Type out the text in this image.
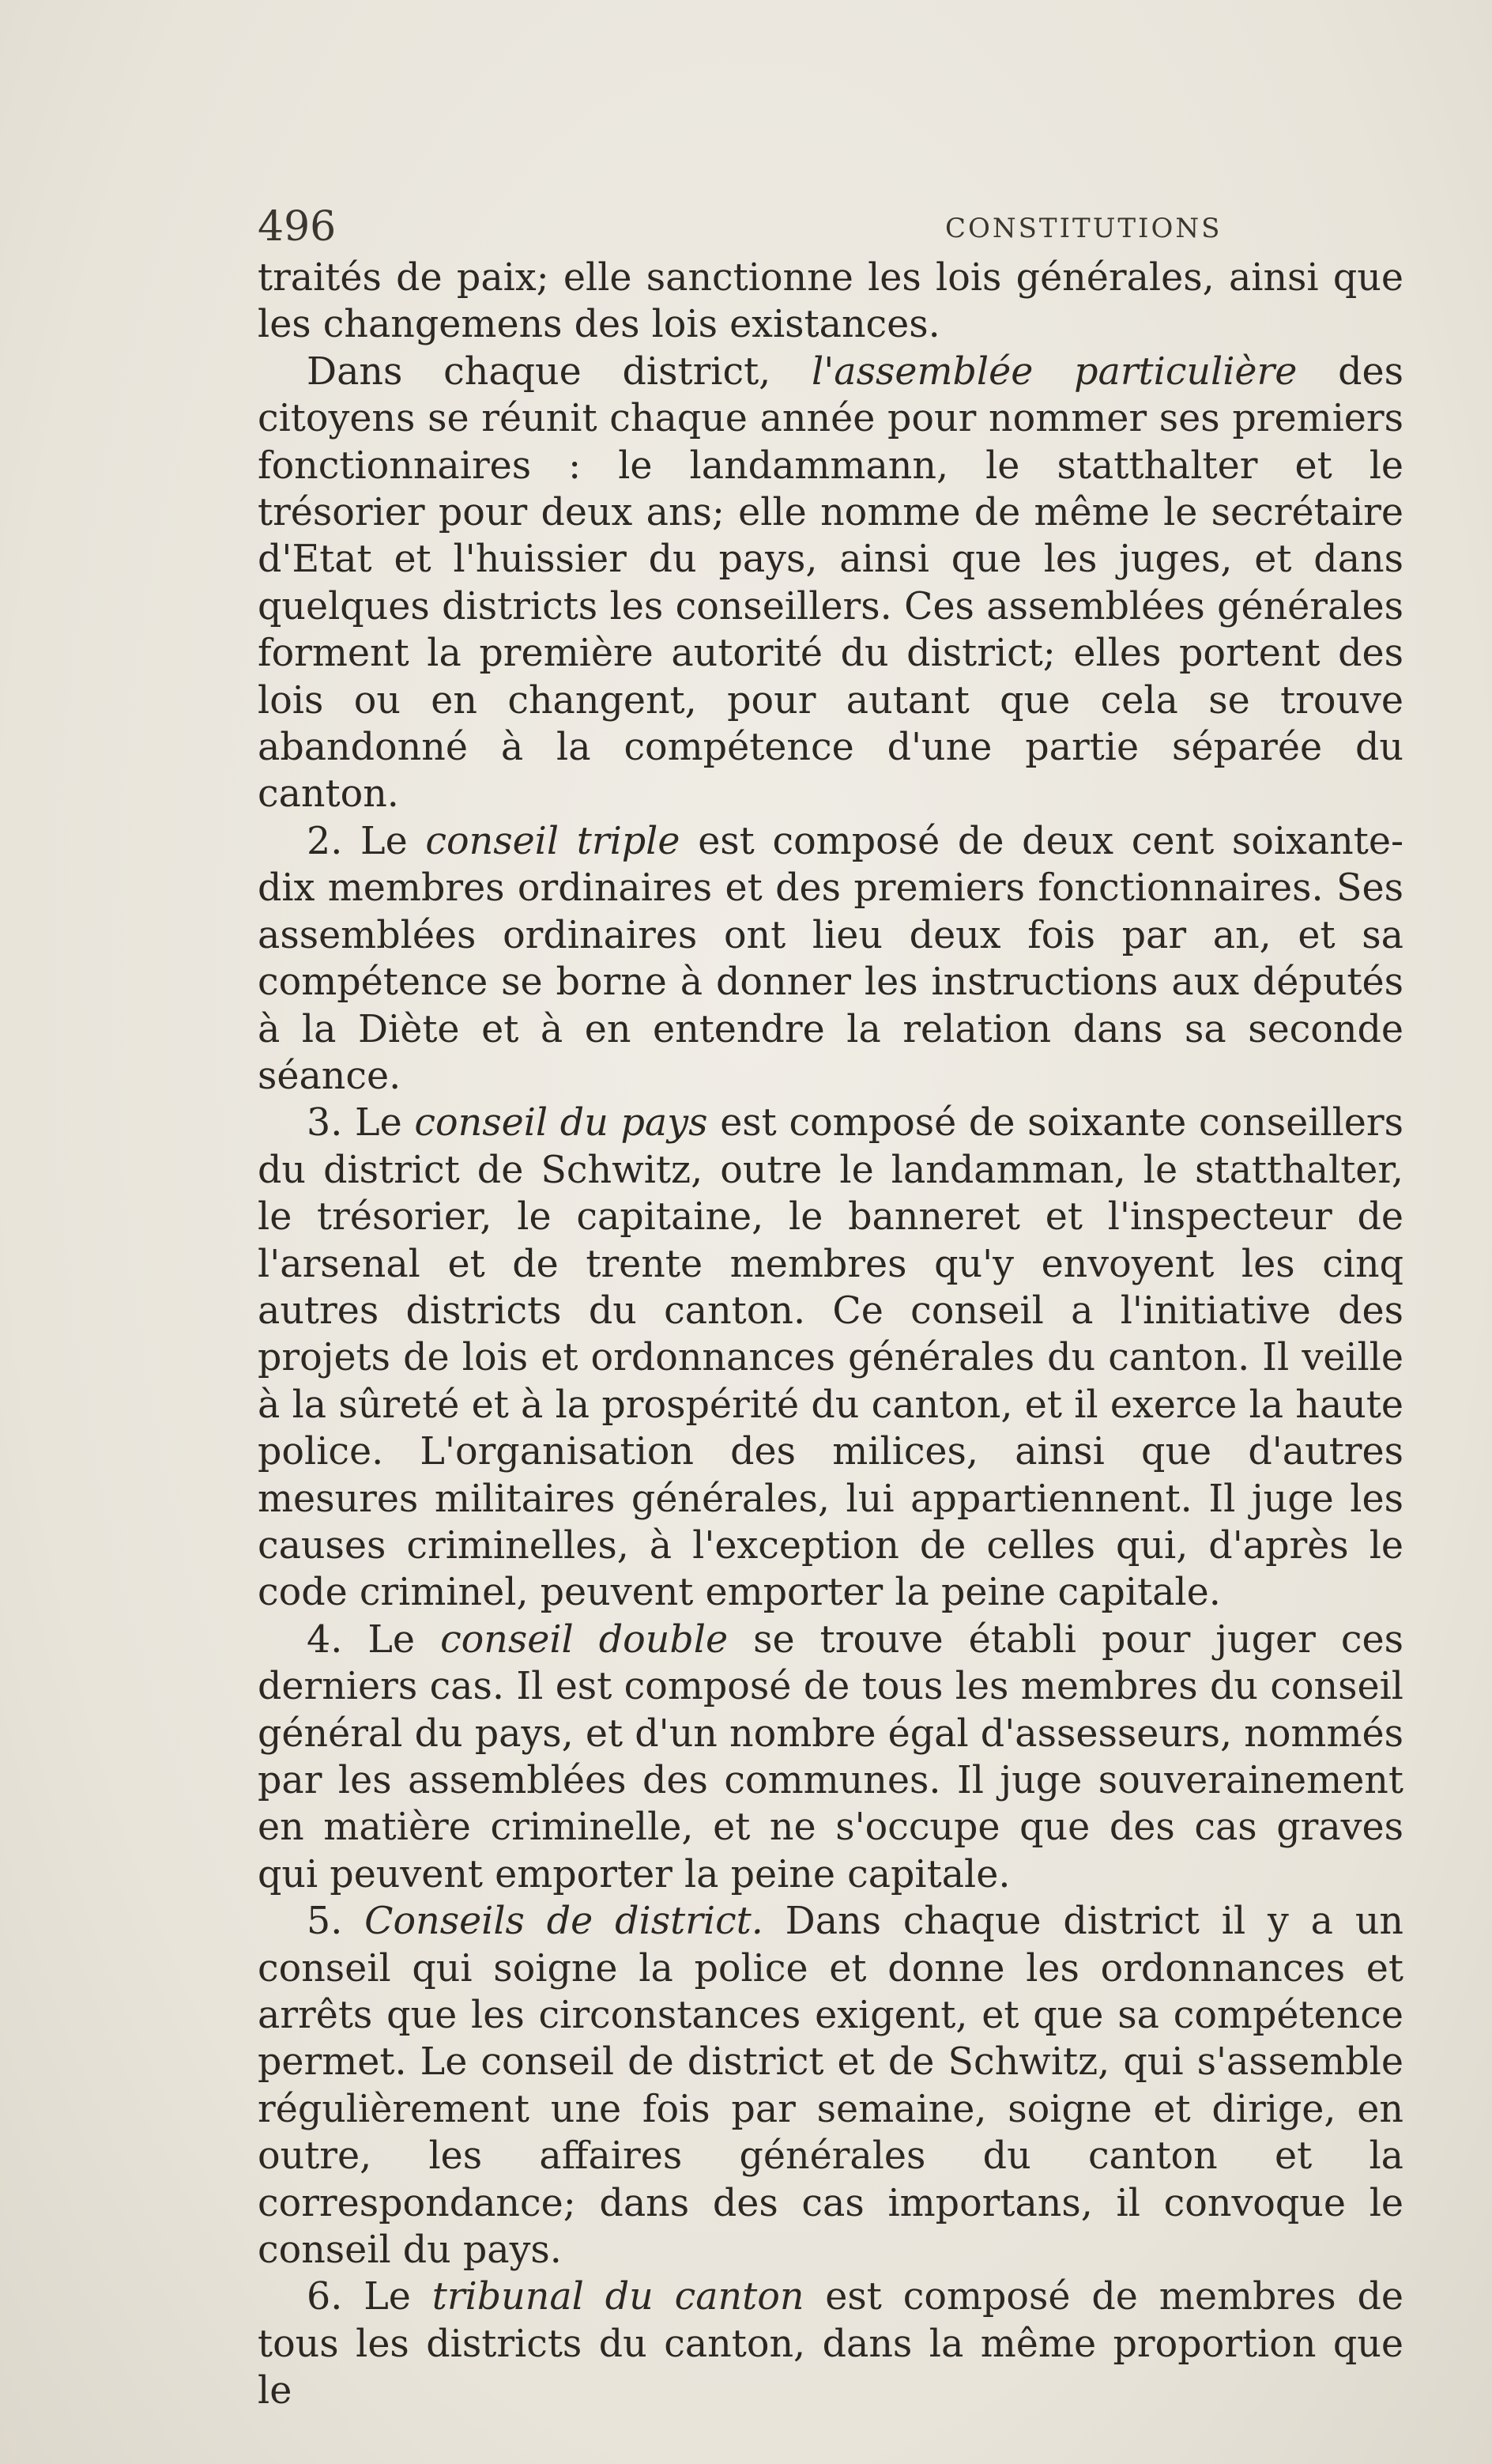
496	CONSTITUTIONS

traités de paix; elle sanctionne les lois générales, ainsi que les changemens des lois existances.

Dans chaque district, l'assemblée particulière des citoyens se réunit chaque année pour nommer ses premiers fonctionnaires : le landammann, le statthalter et le trésorier pour deux ans; elle nomme de même le secrétaire d'Etat et l'huissier du pays, ainsi que les juges, et dans quelques districts les conseillers. Ces assemblées générales forment la première autorité du district; elles portent des lois ou en changent, pour autant que cela se trouve abandonné à la compétence d'une partie séparée du canton.

2. Le conseil triple est composé de deux cent soixante-dix membres ordinaires et des premiers fonctionnaires. Ses assemblées ordinaires ont lieu deux fois par an, et sa compétence se borne à donner les instructions aux députés à la Diète et à en entendre la relation dans sa seconde séance.

3. Le conseil du pays est composé de soixante conseillers du district de Schwitz, outre le landamman, le statthalter, le trésorier, le capitaine, le banneret et l'inspecteur de l'arsenal et de trente membres qu'y envoyent les cinq autres districts du canton. Ce conseil a l'initiative des projets de lois et ordonnances générales du canton. Il veille à la sûreté et à la prospérité du canton, et il exerce la haute police. L'organisation des milices, ainsi que d'autres mesures militaires générales, lui appartiennent. Il juge les causes criminelles, à l'exception de celles qui, d'après le code criminel, peuvent emporter la peine capitale.

4. Le conseil double se trouve établi pour juger ces derniers cas. Il est composé de tous les membres du conseil général du pays, et d'un nombre égal d'assesseurs, nommés par les assemblées des communes. Il juge souverainement en matière criminelle, et ne s'occupe que des cas graves qui peuvent emporter la peine capitale.

5. Conseils de district. Dans chaque district il y a un conseil qui soigne la police et donne les ordonnances et arrêts que les circonstances exigent, et que sa compétence permet. Le conseil de district et de Schwitz, qui s'assemble régulièrement une fois par semaine, soigne et dirige, en outre, les affaires générales du canton et la correspondance; dans des cas importans, il convoque le conseil du pays.

6. Le tribunal du canton est composé de membres de tous les districts du canton, dans la même proportion que le
